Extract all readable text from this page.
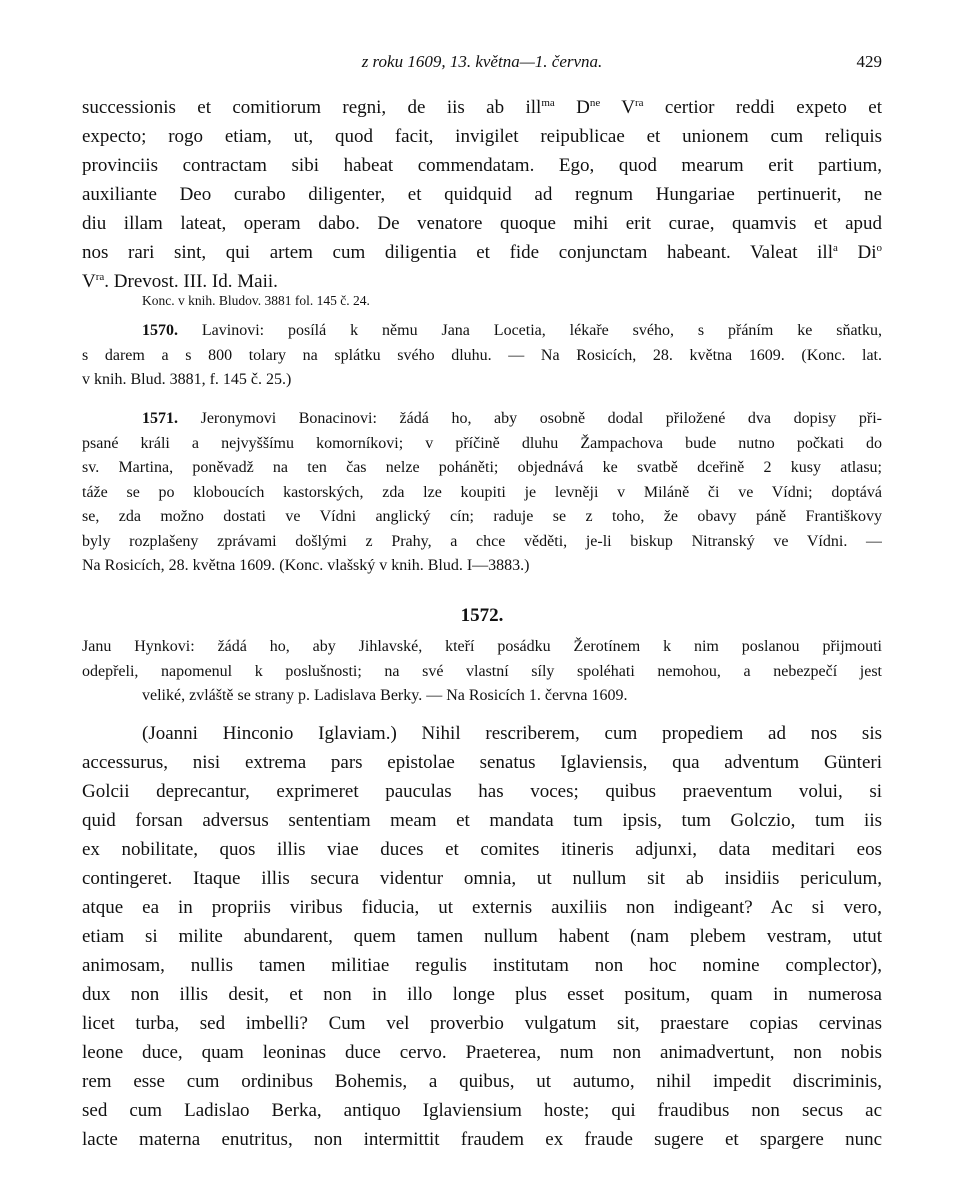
z roku 1609, 13. května—1. června.	429
successionis et comitiorum regni, de iis ab ill$^{ma}$ $D^{ne}$ $V^{ra}$ certior reddi expeto et
expecto; rogo etiam, ut, quod facit, invigilet reipublicae et unionem cum reliquis
provinciis contractam sibi habeat commendatam. Ego, quod mearum erit partium,
auxiliante Deo curabo diligenter, et quidquid ad regnum Hungariae pertinuerit, ne
diu illam lateat, operam dabo. De venatore quoque mihi erit curae, quamvis et apud
nos rari sint, qui artem cum diligentia et fide conjunctam habeant. Valeat ill$^a$ Di$^o$
$V^{ra}$. Drevost. III. Id. Maii.
Konc. v knih. Bludov. 3881 fol. 145 č. 24.
1570. Lavinovi: posílá k němu Jana Locetia, lékaře svého, s přáním ke sňatku,
s darem a s 800 tolary na splátku svého dluhu. — Na Rosicích, 28. května 1609. (Konc. lat.
v knih. Blud. 3881, f. 145 č. 25.)
1571. Jeronymovi Bonacinovi: žádá ho, aby osobně dodal přiložené dva dopisy při-
psané králi a nejvyššímu komorníkovi; v příčině dluhu Žampachova bude nutno počkati do
sv. Martina, poněvadž na ten čas nelze poháněti; objednává ke svatbě dceřině 2 kusy atlasu;
táže se po kloboucích kastorských, zda lze koupiti je levněji v Miláně či ve Vídni; doptává
se, zda možno dostati ve Vídni anglický cín; raduje se z toho, že obavy páně Františkovy
byly rozplašeny zprávami došlými z Prahy, a chce věděti, je-li biskup Nitranský ve Vídni. —
Na Rosicích, 28. května 1609. (Konc. vlašský v knih. Blud. I—3883.)
1572.
Janu Hynkovi: žádá ho, aby Jihlavské, kteří posádku Žerotínem k nim poslanou přijmouti
odepřeli, napomenul k poslušnosti; na své vlastní síly spoléhati nemohou, a nebezpečí jest
veliké, zvláště se strany p. Ladislava Berky. — Na Rosicích 1. června 1609.
(Joanni Hinconio Iglaviam.) Nihil rescriberem, cum propediem ad nos sis
accessurus, nisi extrema pars epistolae senatus Iglaviensis, qua adventum Günteri
Golcii deprecantur, exprimeret pauculas has voces; quibus praeventum volui, si
quid forsan adversus sententiam meam et mandata tum ipsis, tum Golczio, tum iis
ex nobilitate, quos illis viae duces et comites itineris adjunxi, data meditari eos
contingeret. Itaque illis secura videntur omnia, ut nullum sit ab insidiis periculum,
atque ea in propriis viribus fiducia, ut externis auxiliis non indigeant? Ac si vero,
etiam si milite abundarent, quem tamen nullum habent (nam plebem vestram, utut
animosam, nullis tamen militiae regulis institutam non hoc nomine complector),
dux non illis desit, et non in illo longe plus esset positum, quam in numerosa
licet turba, sed imbelli? Cum vel proverbio vulgatum sit, praestare copias cervinas
leone duce, quam leoninas duce cervo. Praeterea, num non animadvertunt, non nobis
rem esse cum ordinibus Bohemis, a quibus, ut autumo, nihil impedit discriminis,
sed cum Ladislao Berka, antiquo Iglaviensium hoste; qui fraudibus non secus ac
lacte materna enutritus, non intermittit fraudem ex fraude sugere et spargere nunc
